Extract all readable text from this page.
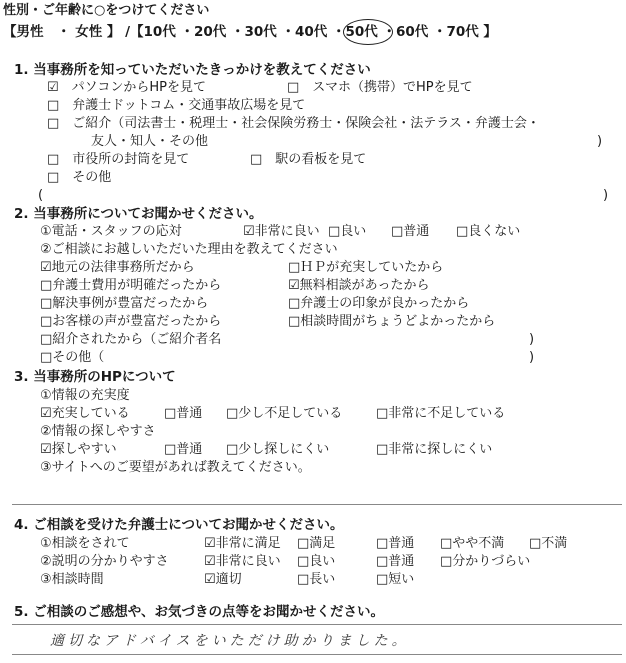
性別・ご年齢に○をつけてください
【男性　・ 女性 】 /【10代 ・20代 ・30代 ・40代 ・50代 ・60代 ・70代 】
1. 当事務所を知っていただいたきっかけを教えてください
☑　パソコンからHPを見て	□　スマホ（携帯）でHPを見て
□　弁護士ドットコム・交通事故広場を見て
□　ご紹介（司法書士・税理士・社会保険労務士・保険会社・法テラス・弁護士会・
友人・知人・その他	)
□　市役所の封筒を見て	□　駅の看板を見て
□　その他
(	)
2. 当事務所についてお聞かせください。
①電話・スタッフの応対	☑非常に良い □良い □普通 □良くない
②ご相談にお越しいただいた理由を教えてください
☑地元の法律事務所だから	□ＨＰが充実していたから
□弁護士費用が明確だったから	☑無料相談があったから
□解決事例が豊富だったから	□弁護士の印象が良かったから
□お客様の声が豊富だったから	□相談時間がちょうどよかったから
□紹介されたから（ご紹介者名	)
□その他（	)
3. 当事務所のHPについて
①情報の充実度
☑充実している	□普通 □少し不足している	□非常に不足している
②情報の探しやすさ
☑探しやすい	□普通 □少し探しにくい	□非常に探しにくい
③サイトへのご要望があれば教えてください。
4. ご相談を受けた弁護士についてお聞かせください。
①相談をされて	☑非常に満足 □満足	□普通 □やや不満 □不満
②説明の分かりやすさ	☑非常に良い □良い	□普通 □分かりづらい
③相談時間	☑適切	□長い	□短い
5. ご相談のご感想や、お気づきの点等をお聞かせください。
適切なアドバイスをいただけ助かりました。
